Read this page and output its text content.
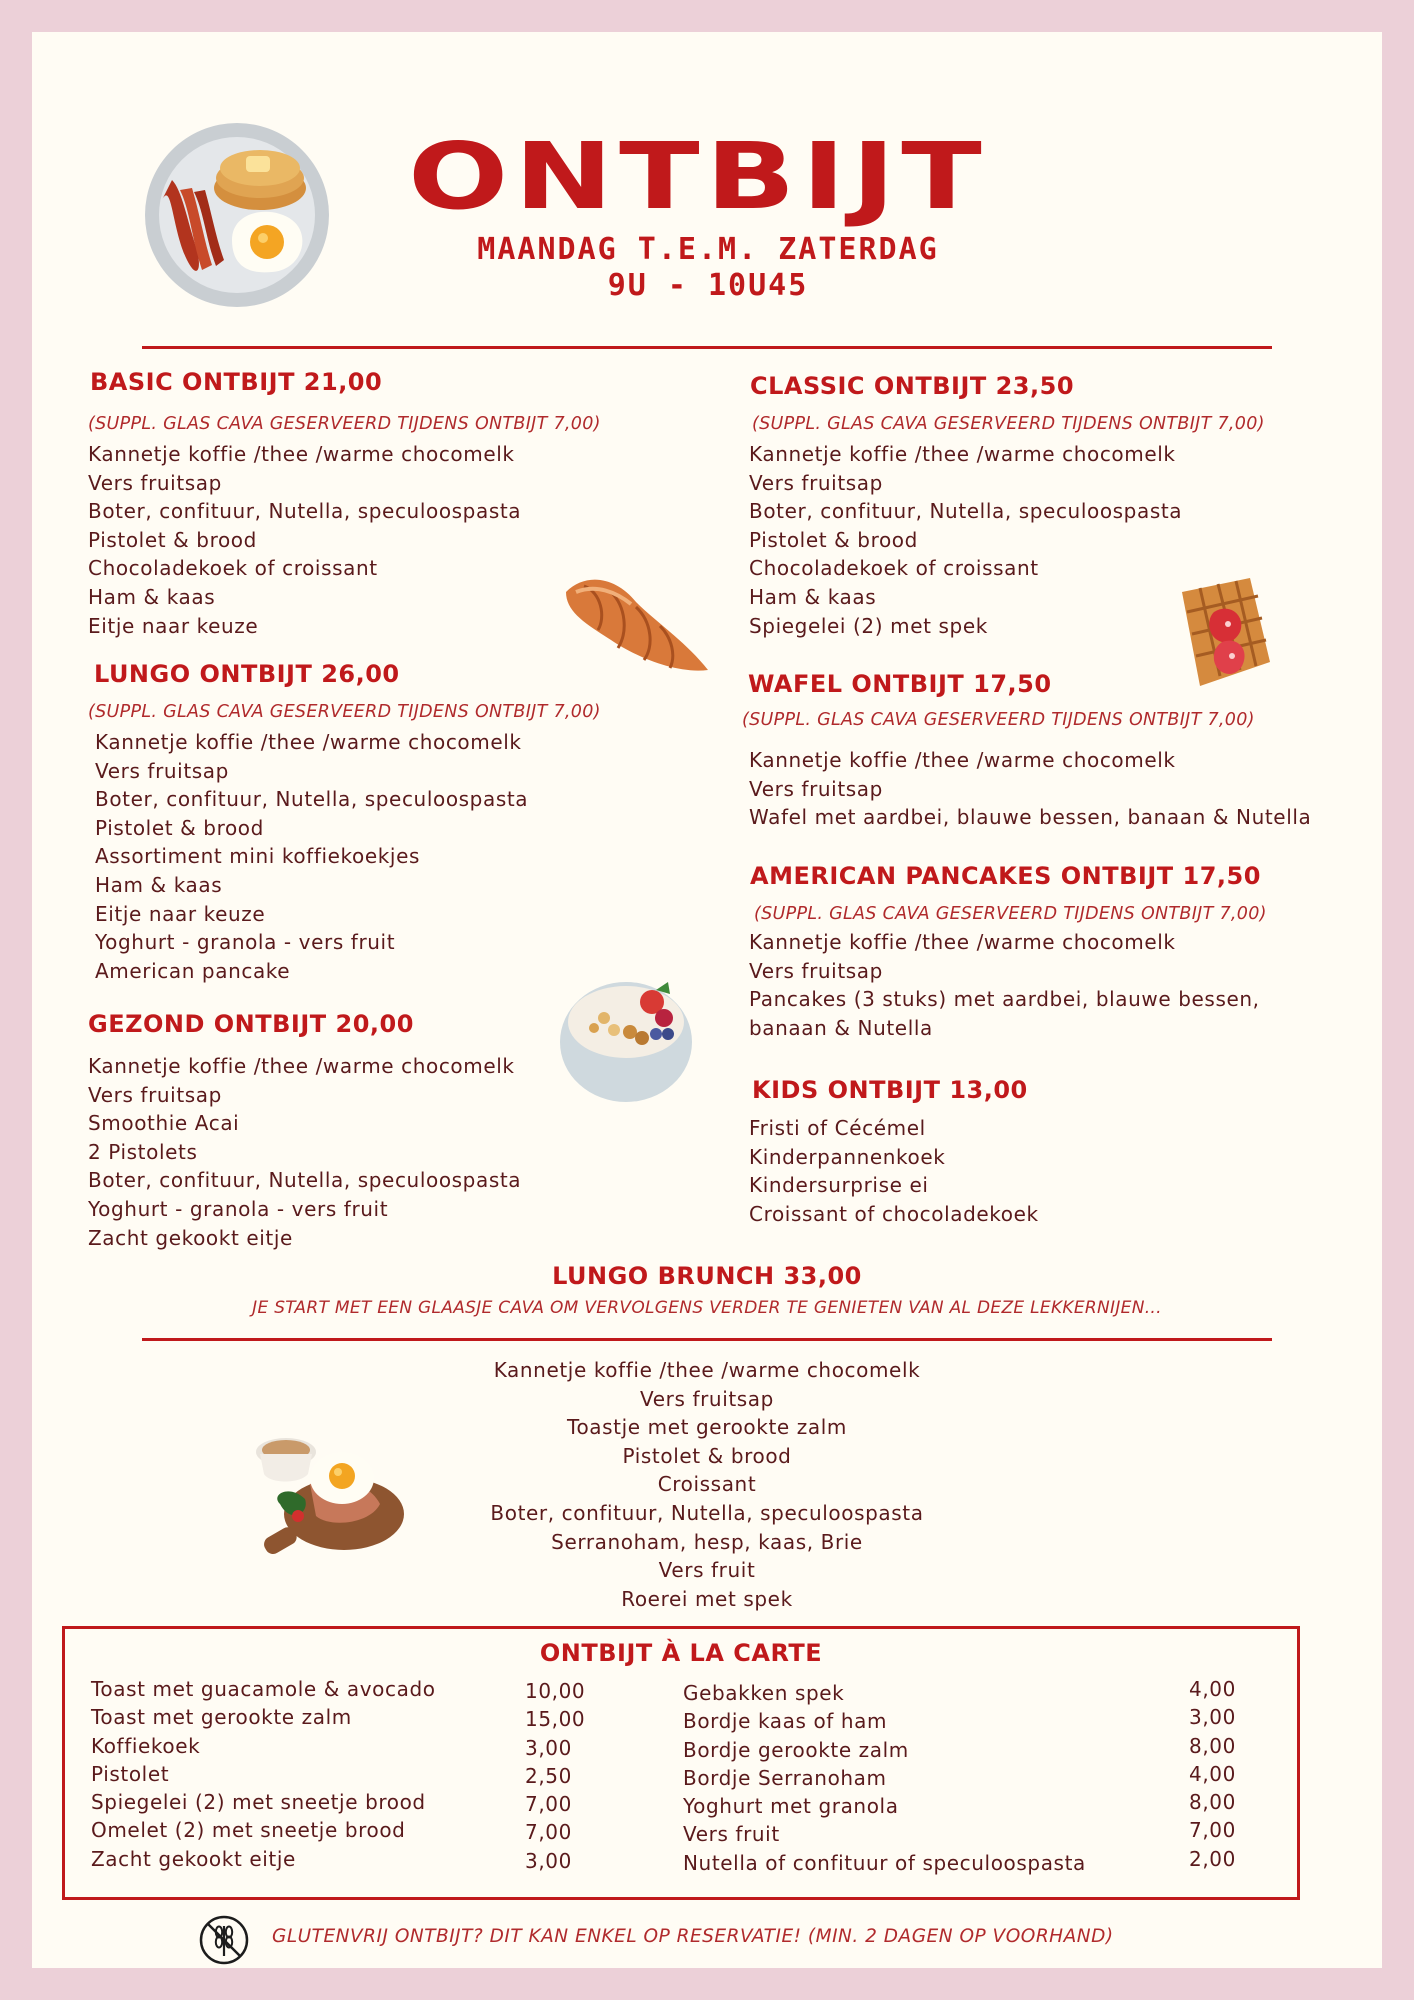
ONTBIJT
MAANDAG T.E.M. ZATERDAG
9U - 10U45
BASIC ONTBIJT 21,00
(SUPPL. GLAS CAVA GESERVEERD TIJDENS ONTBIJT 7,00)
Kannetje koffie /thee /warme chocomelk
Vers fruitsap
Boter, confituur, Nutella, speculoospasta
Pistolet & brood
Chocoladekoek of croissant
Ham & kaas
Eitje naar keuze
LUNGO ONTBIJT 26,00
(SUPPL. GLAS CAVA GESERVEERD TIJDENS ONTBIJT 7,00)
Kannetje koffie /thee /warme chocomelk
Vers fruitsap
Boter, confituur, Nutella, speculoospasta
Pistolet & brood
Assortiment mini koffiekoekjes
Ham & kaas
Eitje naar keuze
Yoghurt - granola - vers fruit
American pancake
GEZOND ONTBIJT 20,00
Kannetje koffie /thee /warme chocomelk
Vers fruitsap
Smoothie Acai
2 Pistolets
Boter, confituur, Nutella, speculoospasta
Yoghurt - granola - vers fruit
Zacht gekookt eitje
CLASSIC ONTBIJT 23,50
(SUPPL. GLAS CAVA GESERVEERD TIJDENS ONTBIJT 7,00)
Kannetje koffie /thee /warme chocomelk
Vers fruitsap
Boter, confituur, Nutella, speculoospasta
Pistolet & brood
Chocoladekoek of croissant
Ham & kaas
Spiegelei (2) met spek
WAFEL ONTBIJT 17,50
(SUPPL. GLAS CAVA GESERVEERD TIJDENS ONTBIJT 7,00)
Kannetje koffie /thee /warme chocomelk
Vers fruitsap
Wafel met aardbei, blauwe bessen, banaan & Nutella
AMERICAN PANCAKES ONTBIJT 17,50
(SUPPL. GLAS CAVA GESERVEERD TIJDENS ONTBIJT 7,00)
Kannetje koffie /thee /warme chocomelk
Vers fruitsap
Pancakes (3 stuks) met aardbei, blauwe bessen,
banaan & Nutella
KIDS ONTBIJT 13,00
Fristi of Cécémel
Kinderpannenkoek
Kindersurprise ei
Croissant of chocoladekoek
LUNGO BRUNCH 33,00
JE START MET EEN GLAASJE CAVA OM VERVOLGENS VERDER TE GENIETEN VAN AL DEZE LEKKERNIJEN...
Kannetje koffie /thee /warme chocomelk
Vers fruitsap
Toastje met gerookte zalm
Pistolet & brood
Croissant
Boter, confituur, Nutella, speculoospasta
Serranoham, hesp, kaas, Brie
Vers fruit
Roerei met spek
ONTBIJT À LA CARTE
Toast met guacamole & avocado
Toast met gerookte zalm
Koffiekoek
Pistolet
Spiegelei (2) met sneetje brood
Omelet (2) met sneetje brood
Zacht gekookt eitje
10,00
15,00
3,00
2,50
7,00
7,00
3,00
Gebakken spek
Bordje kaas of ham
Bordje gerookte zalm
Bordje Serranoham
Yoghurt met granola
Vers fruit
Nutella of confituur of speculoospasta
4,00
3,00
8,00
4,00
8,00
7,00
2,00
GLUTENVRIJ ONTBIJT? DIT KAN ENKEL OP RESERVATIE! (MIN. 2 DAGEN OP VOORHAND)
